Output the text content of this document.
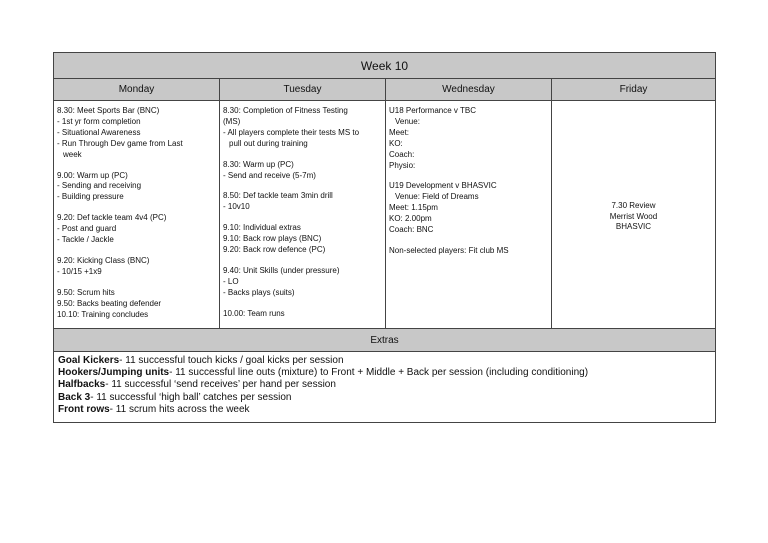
Week 10
Monday
8.30: Meet Sports Bar (BNC)
- 1st yr form completion
- Situational Awareness
- Run Through Dev game from Last
week
9.00: Warm up (PC)
- Sending and receiving
- Building pressure
9.20: Def tackle team 4v4 (PC)
- Post and guard
- Tackle / Jackle
9.20: Kicking Class (BNC)
- 10/15 +1x9
9.50: Scrum hits
9.50: Backs beating defender
10.10: Training concludes
Tuesday
8.30: Completion of Fitness Testing
(MS)
- All players complete their tests MS to
pull out during training
8.30: Warm up (PC)
- Send and receive (5-7m)
8.50: Def tackle team 3min drill
- 10v10
9.10: Individual extras
9.10: Back row plays (BNC)
9.20: Back row defence (PC)
9.40: Unit Skills (under pressure)
- LO
- Backs plays (suits)
10.00: Team runs
Wednesday
U18 Performance v TBC
Venue:
Meet:
KO:
Coach:
Physio:
U19 Development v BHASVIC
Venue: Field of Dreams
Meet: 1.15pm
KO: 2.00pm
Coach: BNC
Non-selected players: Fit club MS
Friday
7.30 Review
Merrist Wood
BHASVIC
Extras
Goal Kickers- 11 successful touch kicks / goal kicks per session
Hookers/Jumping units- 11 successful line outs (mixture) to Front + Middle + Back per session (including conditioning)
Halfbacks- 11 successful ‘send receives’ per hand per session
Back 3- 11 successful ‘high ball’ catches per session
Front rows- 11 scrum hits across the week
